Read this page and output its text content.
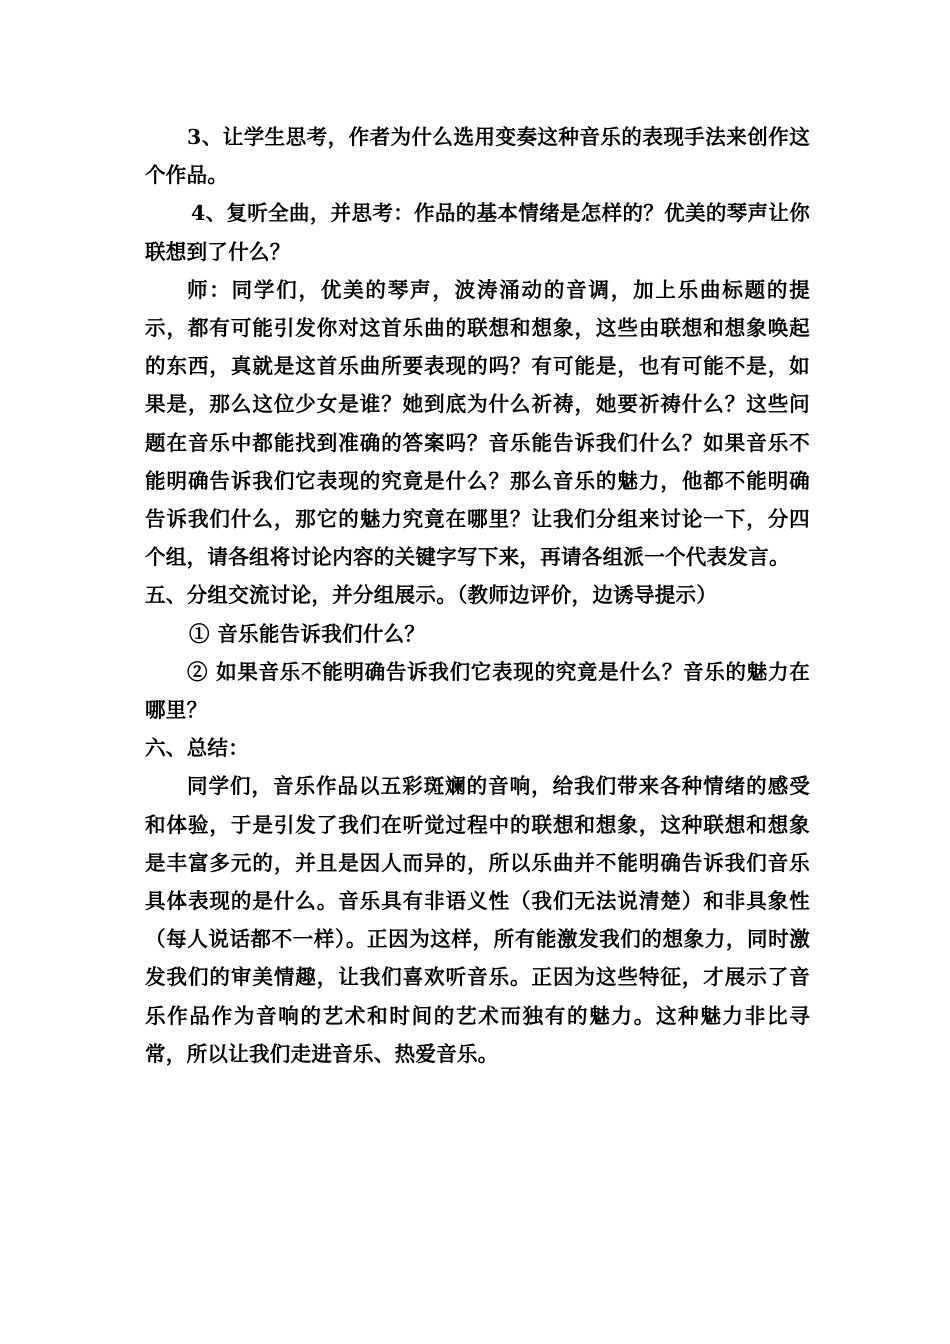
3、让学生思考，作者为什么选用变奏这种音乐的表现手法来创作这个作品。

4、复听全曲，并思考：作品的基本情绪是怎样的？优美的琴声让你联想到了什么？

师：同学们，优美的琴声，波涛涌动的音调，加上乐曲标题的提示，都有可能引发你对这首乐曲的联想和想象，这些由联想和想象唤起的东西，真就是这首乐曲所要表现的吗？有可能是，也有可能不是，如果是，那么这位少女是谁？她到底为什么祈祷，她要祈祷什么？这些问题在音乐中都能找到准确的答案吗？音乐能告诉我们什么？如果音乐不能明确告诉我们它表现的究竟是什么？那么音乐的魅力，他都不能明确告诉我们什么，那它的魅力究竟在哪里？让我们分组来讨论一下，分四个组，请各组将讨论内容的关键字写下来，再请各组派一个代表发言。

五、分组交流讨论，并分组展示。（教师边评价，边诱导提示）

① 音乐能告诉我们什么？

② 如果音乐不能明确告诉我们它表现的究竟是什么？音乐的魅力在哪里？

六、总结：

同学们，音乐作品以五彩斑斓的音响，给我们带来各种情绪的感受和体验，于是引发了我们在听觉过程中的联想和想象，这种联想和想象是丰富多元的，并且是因人而异的，所以乐曲并不能明确告诉我们音乐具体表现的是什么。音乐具有非语义性（我们无法说清楚）和非具象性（每人说话都不一样）。正因为这样，所有能激发我们的想象力，同时激发我们的审美情趣，让我们喜欢听音乐。正因为这些特征，才展示了音乐作品作为音响的艺术和时间的艺术而独有的魅力。这种魅力非比寻常，所以让我们走进音乐、热爱音乐。
